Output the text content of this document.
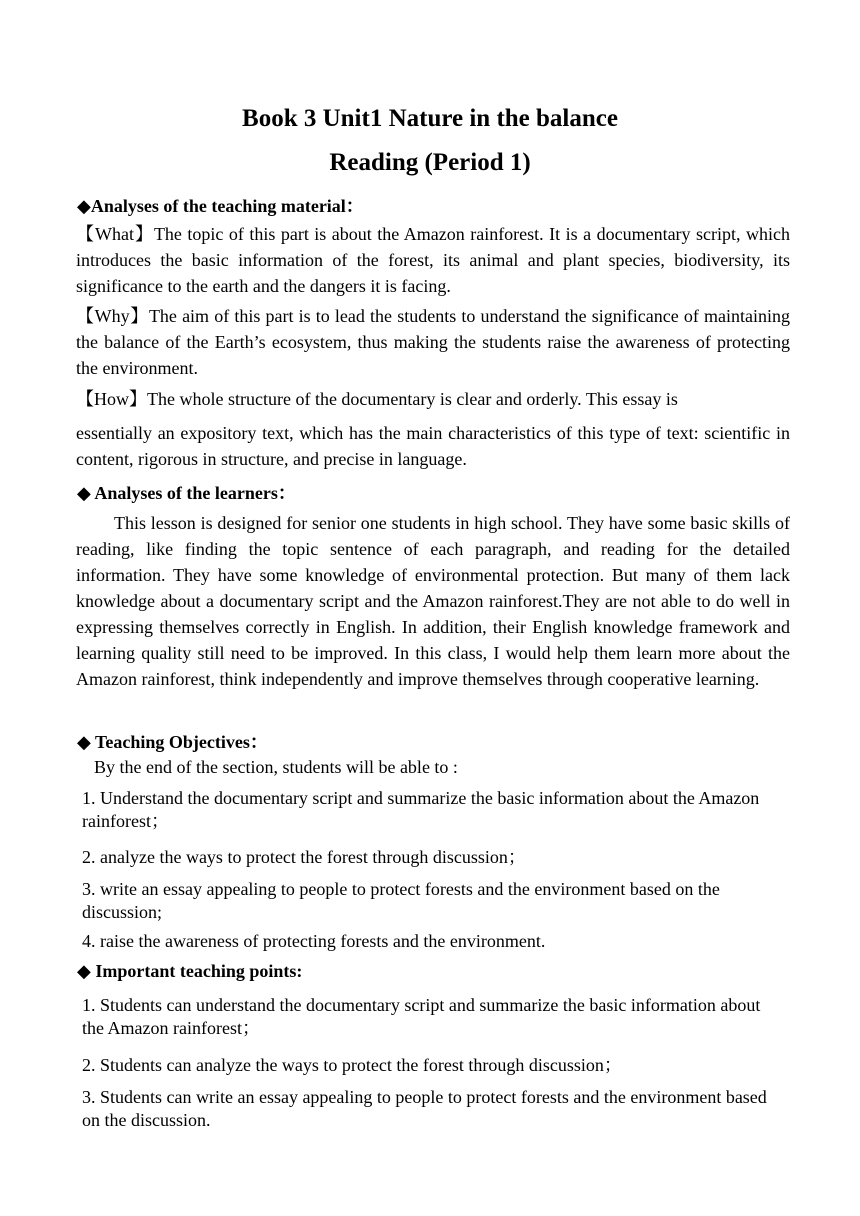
Book 3 Unit1 Nature in the balance
Reading (Period 1)
◆Analyses of the teaching material：

【What】The topic of this part is about the Amazon rainforest. It is a documentary script, which introduces the basic information of the forest, its animal and plant species, biodiversity, its significance to the earth and the dangers it is facing.

【Why】The aim of this part is to lead the students to understand the significance of maintaining the balance of the Earth’s ecosystem, thus making the students raise the awareness of protecting the environment.

【How】The whole structure of the documentary is clear and orderly. This essay is

essentially an expository text, which has the main characteristics of this type of text: scientific in content, rigorous in structure, and precise in language.

◆ Analyses of the learners：

This lesson is designed for senior one students in high school. They have some basic skills of reading, like finding the topic sentence of each paragraph, and reading for the detailed information. They have some knowledge of environmental protection. But many of them lack knowledge about a documentary script and the Amazon rainforest.They are not able to do well in expressing themselves correctly in English. In addition, their English knowledge framework and learning quality still need to be improved. In this class, I would help them learn more about the Amazon rainforest, think independently and improve themselves through cooperative learning.

◆ Teaching Objectives：

By the end of the section, students will be able to :

1. Understand the documentary script and summarize the basic information about the Amazon rainforest；

2. analyze the ways to protect the forest through discussion；

3. write an essay appealing to people to protect forests and the environment based on the discussion;

4. raise the awareness of protecting forests and the environment.

◆ Important teaching points:

1. Students can understand the documentary script and summarize the basic information about the Amazon rainforest；

2. Students can analyze the ways to protect the forest through discussion；

3. Students can write an essay appealing to people to protect forests and the environment based on the discussion.
